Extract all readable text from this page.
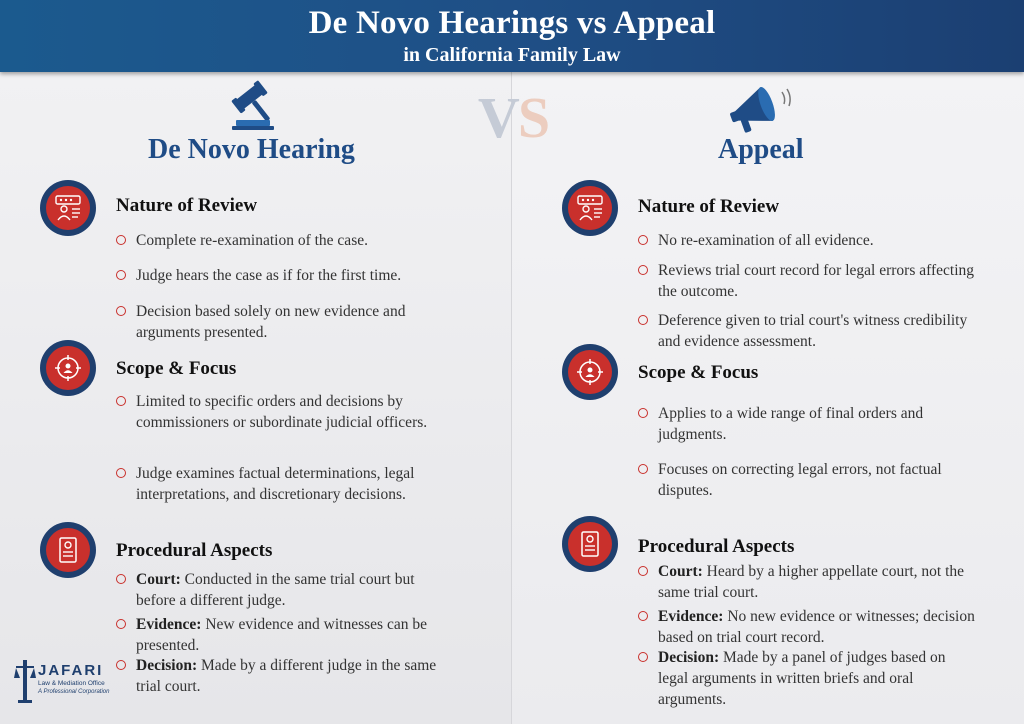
De Novo Hearings vs Appeal
in California Family Law
VS
De Novo Hearing	Appeal
Nature of Review
Complete re-examination of the case.
Judge hears the case as if for the first time.
Decision based solely on new evidence and arguments presented.
Scope & Focus
Limited to specific orders and decisions by commissioners or subordinate judicial officers.
Judge examines factual determinations, legal interpretations, and discretionary decisions.
Procedural Aspects
Court: Conducted in the same trial court but before a different judge.
Evidence: New evidence and witnesses can be presented.
Decision: Made by a different judge in the same trial court.
Nature of Review
No re-examination of all evidence.
Reviews trial court record for legal errors affecting the outcome.
Deference given to trial court's witness credibility and evidence assessment.
Scope & Focus
Applies to a wide range of final orders and judgments.
Focuses on correcting legal errors, not factual disputes.
Procedural Aspects
Court: Heard by a higher appellate court, not the same trial court.
Evidence: No new evidence or witnesses; decision based on trial court record.
Decision: Made by a panel of judges based on legal arguments in written briefs and oral arguments.
JAFARI
Law & Mediation Office
A Professional Corporation
